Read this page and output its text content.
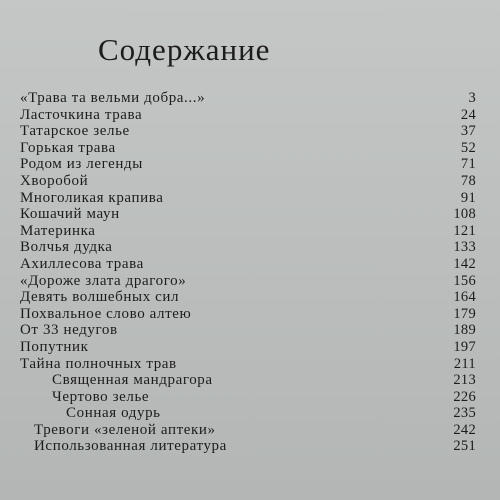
Содержание
«Трава та вельми добра...»	3
Ласточкина трава	24
Татарское зелье	37
Горькая трава	52
Родом из легенды	71
Хворобой	78
Многоликая крапива	91
Кошачий маун	108
Материнка	121
Волчья дудка	133
Ахиллесова трава	142
«Дороже злата драгого»	156
Девять волшебных сил	164
Похвальное слово алтею	179
От 33 недугов	189
Попутник	197
Тайна полночных трав	211
Священная мандрагора	213
Чертово зелье	226
Сонная одурь	235
Тревоги «зеленой аптеки»	242
Использованная литература	251
